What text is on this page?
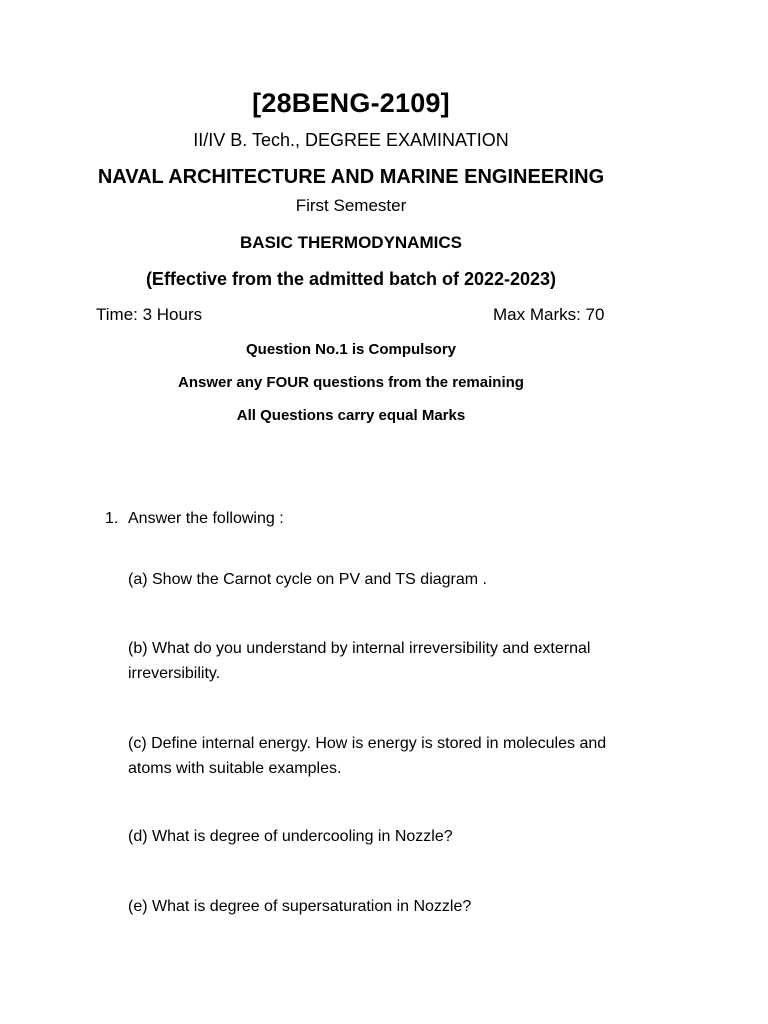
[28BENG-2109]
II/IV B. Tech., DEGREE EXAMINATION
NAVAL ARCHITECTURE AND MARINE ENGINEERING
First Semester
BASIC THERMODYNAMICS
(Effective from the admitted batch of 2022-2023)
Time: 3 Hours	Max Marks: 70
Question No.1 is Compulsory
Answer any FOUR questions from the remaining
All Questions carry equal Marks
1. Answer the following :
(a) Show the Carnot cycle on PV and TS diagram .
(b) What do you understand by internal irreversibility and external irreversibility.
(c) Define internal energy. How is energy is stored in molecules and atoms with suitable examples.
(d) What is degree of undercooling in Nozzle?
(e) What is degree of supersaturation in Nozzle?
